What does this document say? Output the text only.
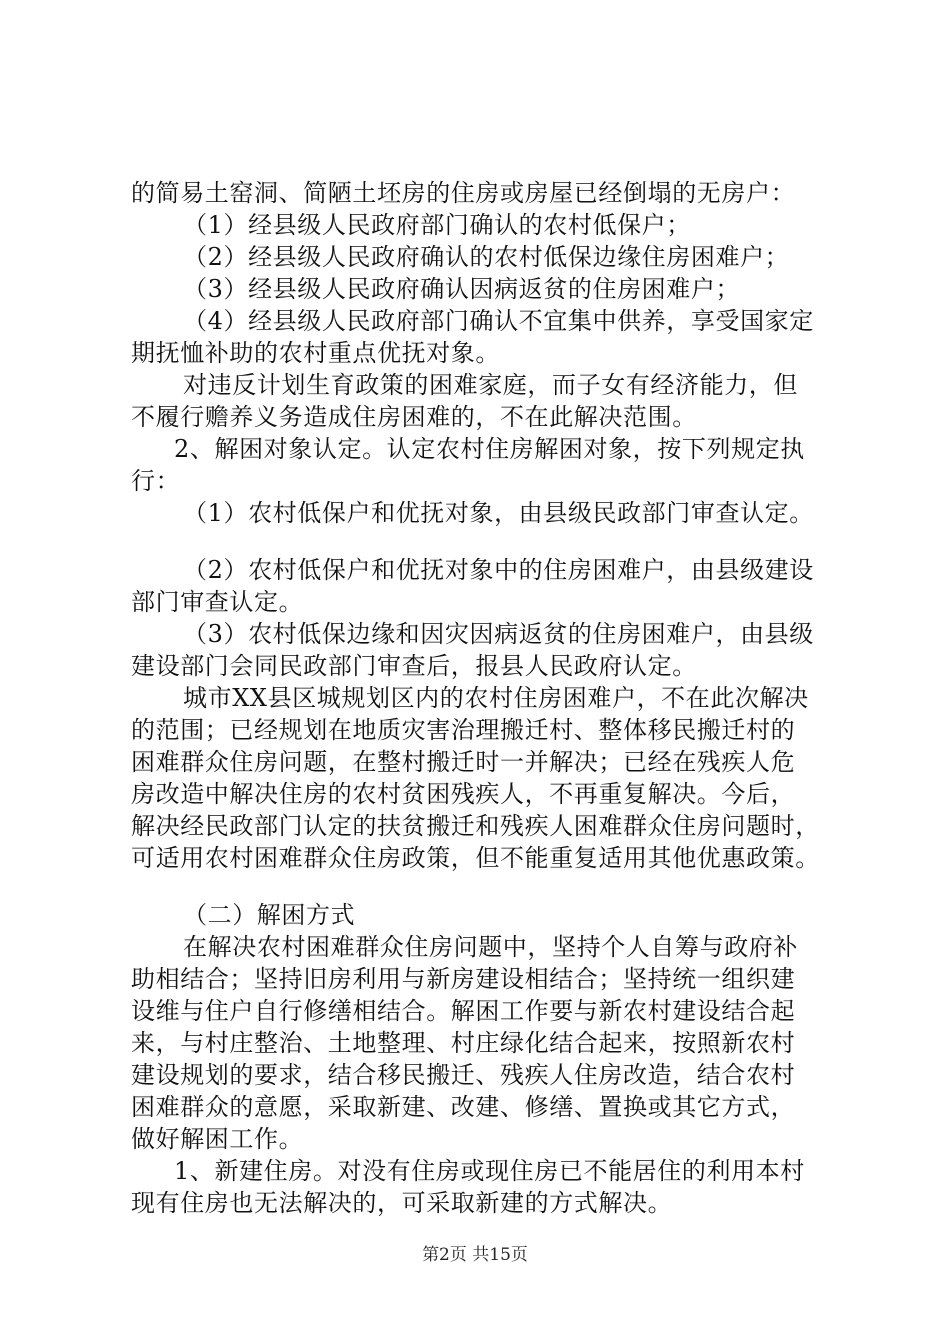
的简易土窑洞、简陋土坯房的住房或房屋已经倒塌的无房户：
（1）经县级人民政府部门确认的农村低保户；
（2）经县级人民政府确认的农村低保边缘住房困难户；
（3）经县级人民政府确认因病返贫的住房困难户；
（4）经县级人民政府部门确认不宜集中供养，享受国家定
期抚恤补助的农村重点优抚对象。
对违反计划生育政策的困难家庭，而子女有经济能力，但
不履行赡养义务造成住房困难的，不在此解决范围。
2、解困对象认定。认定农村住房解困对象，按下列规定执
行：
（1）农村低保户和优抚对象，由县级民政部门审查认定。
（2）农村低保户和优抚对象中的住房困难户，由县级建设
部门审查认定。
（3）农村低保边缘和因灾因病返贫的住房困难户，由县级
建设部门会同民政部门审查后，报县人民政府认定。
城市XX县区城规划区内的农村住房困难户，不在此次解决
的范围；已经规划在地质灾害治理搬迁村、整体移民搬迁村的
困难群众住房问题，在整村搬迁时一并解决；已经在残疾人危
房改造中解决住房的农村贫困残疾人，不再重复解决。今后，
解决经民政部门认定的扶贫搬迁和残疾人困难群众住房问题时，
可适用农村困难群众住房政策，但不能重复适用其他优惠政策。
（二）解困方式
在解决农村困难群众住房问题中，坚持个人自筹与政府补
助相结合；坚持旧房利用与新房建设相结合；坚持统一组织建
设维与住户自行修缮相结合。解困工作要与新农村建设结合起
来，与村庄整治、土地整理、村庄绿化结合起来，按照新农村
建设规划的要求，结合移民搬迁、残疾人住房改造，结合农村
困难群众的意愿，采取新建、改建、修缮、置换或其它方式，
做好解困工作。
1、新建住房。对没有住房或现住房已不能居住的利用本村
现有住房也无法解决的，可采取新建的方式解决。
第2页 共15页
